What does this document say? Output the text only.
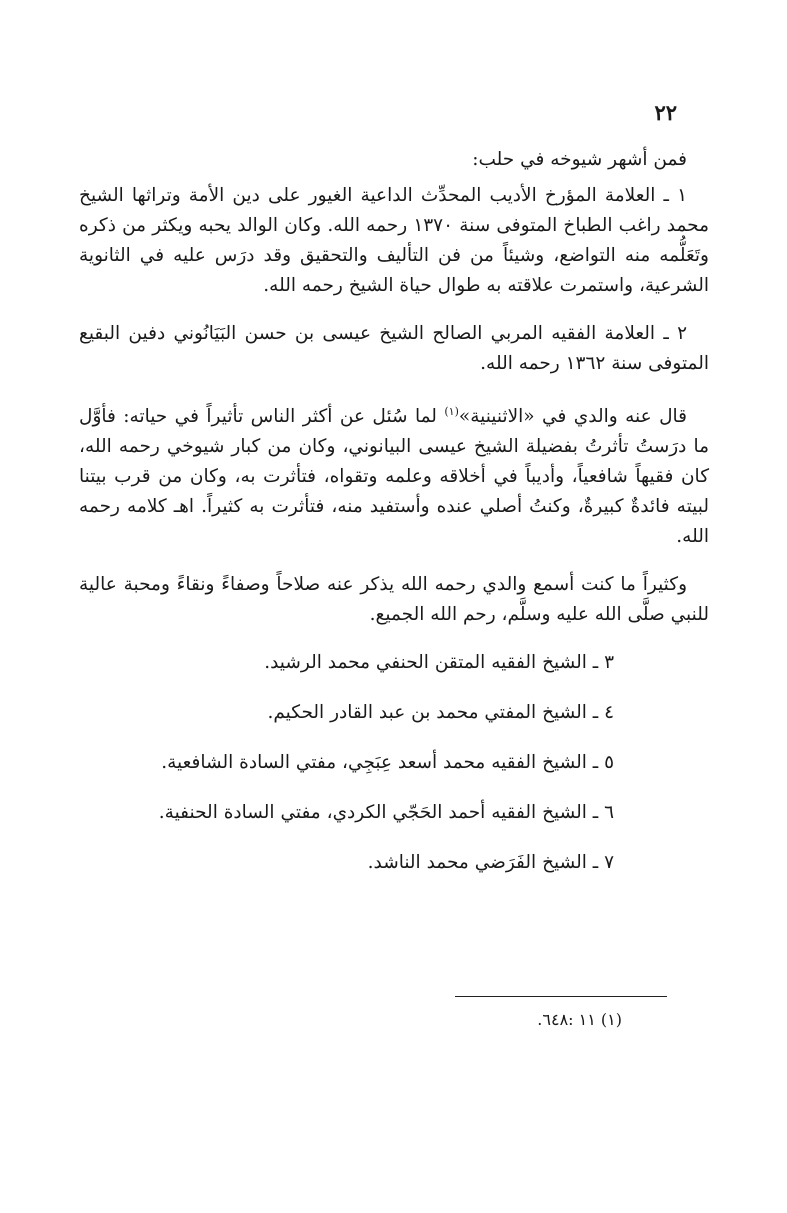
٢٢

فمن أشهر شيوخه في حلب:

١ ـ العلامة المؤرخ الأديب المحدِّث الداعية الغيور على دين الأمة وتراثها الشيخ محمد راغب الطباخ المتوفى سنة ١٣٧٠ رحمه الله. وكان الوالد يحبه ويكثر من ذكره وتَعَلُّمه منه التواضع، وشيئاً من فن التأليف والتحقيق وقد درَس عليه في الثانوية الشرعية، واستمرت علاقته به طوال حياة الشيخ رحمه الله.

٢ ـ العلامة الفقيه المربي الصالح الشيخ عيسى بن حسن البَيَانُوني دفين البقيع المتوفى سنة ١٣٦٢ رحمه الله.

قال عنه والدي في «الاثنينية»$^{(١)}$ لما سُئل عن أكثر الناس تأثيراً في حياته: فأوَّل ما درَستُ تأثرتُ بفضيلة الشيخ عيسى البيانوني، وكان من كبار شيوخي رحمه الله، كان فقيهاً شافعياً، وأديباً في أخلاقه وعلمه وتقواه، فتأثرت به، وكان من قرب بيتنا لبيته فائدةٌ كبيرةٌ، وكنتُ أصلي عنده وأستفيد منه، فتأثرت به كثيراً. اهـ كلامه رحمه الله.

وكثيراً ما كنت أسمع والدي رحمه الله يذكر عنه صلاحاً وصفاءً ونقاءً ومحبة عالية للنبي صلَّى الله عليه وسلَّم، رحم الله الجميع.

٣ ـ الشيخ الفقيه المتقن الحنفي محمد الرشيد.
٤ ـ الشيخ المفتي محمد بن عبد القادر الحكيم.
٥ ـ الشيخ الفقيه محمد أسعد عِبَجِي، مفتي السادة الشافعية.
٦ ـ الشيخ الفقيه أحمد الحَجّي الكردي، مفتي السادة الحنفية.
٧ ـ الشيخ الفَرَضي محمد الناشد.

(١) ١١ :٦٤٨.
